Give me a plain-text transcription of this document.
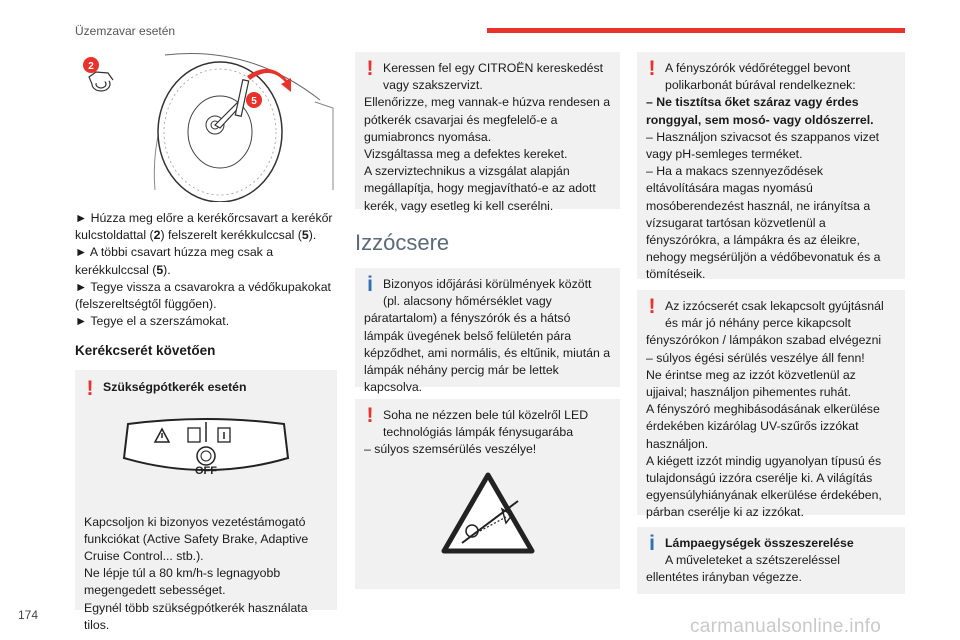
Üzemzavar esetén
174
carmanualsonline.info
2
5

► Húzza meg előre a kerékőrcsavart a kerékőr kulcstoldattal (2) felszerelt kerékkulccsal (5).

► A többi csavart húzza meg csak a kerékkulccsal (5).

► Tegye vissza a csavarokra a védőkupakokat (felszereltségtől függően).

► Tegye el a szerszámokat.

Kerékcserét követően
! Szükségpótkerék esetén
OFF

Kapcsoljon ki bizonyos vezetéstámogató funkciókat (Active Safety Brake, Adaptive Cruise Control... stb.).
Ne lépje túl a 80 km/h-s legnagyobb megengedett sebességet.
Egynél több szükségpótkerék használata tilos.

! Keressen fel egy CITROËN kereskedést vagy szakszervizt.

Ellenőrizze, meg vannak-e húzva rendesen a pótkerék csavarjai és megfelelő-e a gumiabroncs nyomása.
Vizsgáltassa meg a defektes kereket.
A szerviztechnikus a vizsgálat alapján megállapítja, hogy megjavítható-e az adott kerék, vagy esetleg ki kell cserélni.

Izzócsere
i Bizonyos időjárási körülmények között (pl. alacsony hőmérséklet vagy

páratartalom) a fényszórók és a hátsó lámpák üvegének belső felületén pára képződhet, ami normális, és eltűnik, miután a lámpák néhány percig már be lettek kapcsolva.

! Soha ne nézzen bele túl közelről LED technológiás lámpák fénysugarába

– súlyos szemsérülés veszélye!

! A fényszórók védőréteggel bevont polikarbonát búrával rendelkeznek:

– Ne tisztítsa őket száraz vagy érdes ronggyal, sem mosó- vagy oldószerrel.

– Használjon szivacsot és szappanos vizet vagy pH-semleges terméket.
– Ha a makacs szennyeződések eltávolítására magas nyomású mosóberendezést használ, ne irányítsa a vízsugarat tartósan közvetlenül a fényszórókra, a lámpákra és az éleikre, nehogy megsérüljön a védőbevonatuk és a tömítéseik.

! Az izzócserét csak lekapcsolt gyújtásnál és már jó néhány perce kikapcsolt

fényszórókon / lámpákon szabad elvégezni
– súlyos égési sérülés veszélye áll fenn!
Ne érintse meg az izzót közvetlenül az ujjaival; használjon pihementes ruhát.
A fényszóró meghibásodásának elkerülése érdekében kizárólag UV-szűrős izzókat használjon.
A kiégett izzót mindig ugyanolyan típusú és tulajdonságú izzóra cserélje ki. A világítás egyensúlyhiányának elkerülése érdekében, párban cserélje ki az izzókat.

i Lámpaegységek összeszerelése

A műveleteket a szétszereléssel

ellentétes irányban végezze.
